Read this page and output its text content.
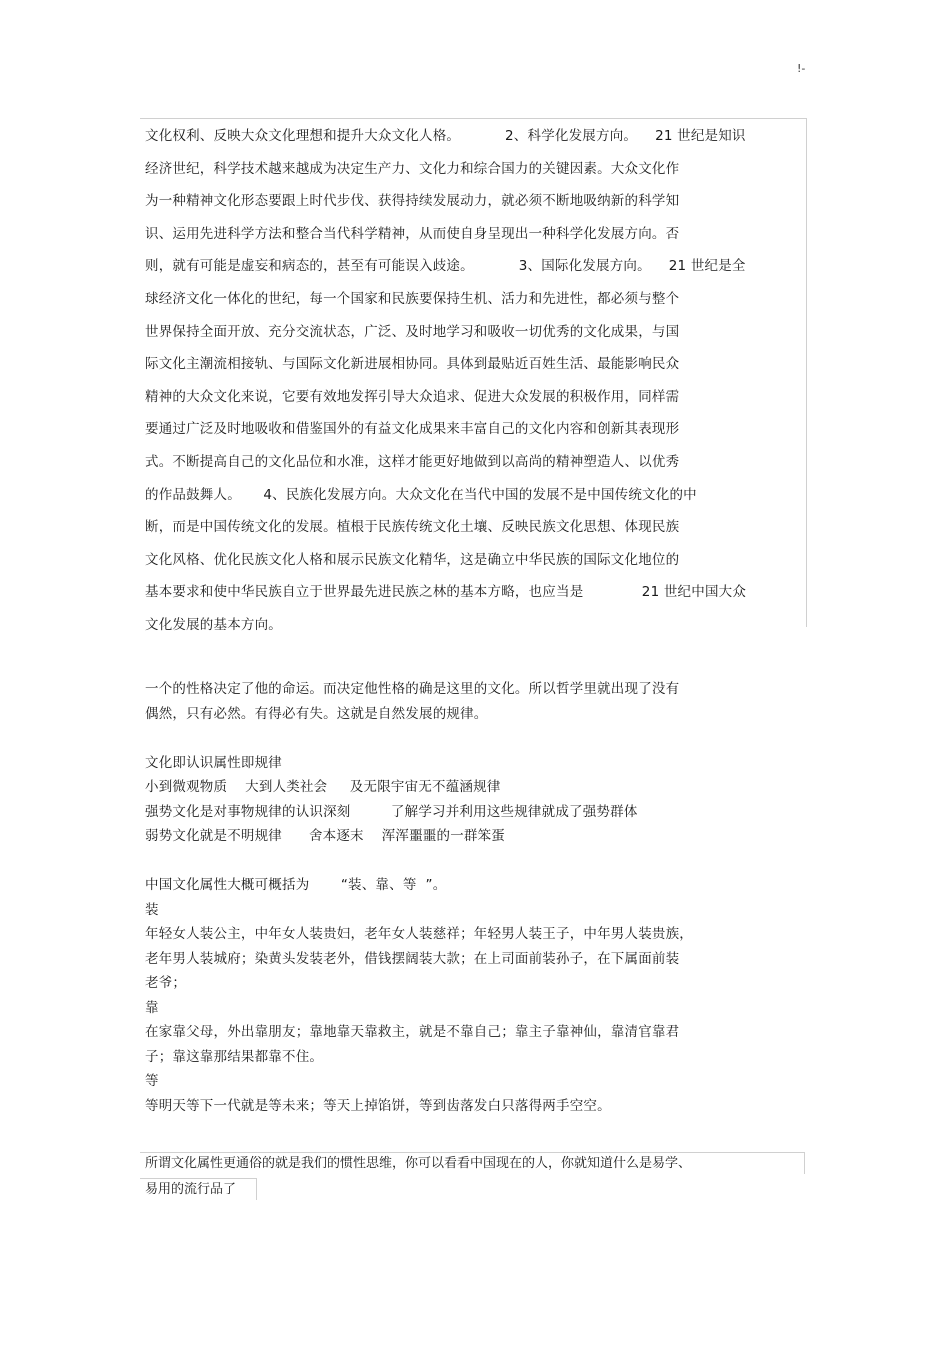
!-
文化权利、反映大众文化理想和提升大众文化人格。          2、科学化发展方向。    21 世纪是知识
经济世纪，科学技术越来越成为决定生产力、文化力和综合国力的关键因素。大众文化作
为一种精神文化形态要跟上时代步伐、获得持续发展动力，就必须不断地吸纳新的科学知
识、运用先进科学方法和整合当代科学精神，从而使自身呈现出一种科学化发展方向。否
则，就有可能是虚妄和病态的，甚至有可能误入歧途。          3、国际化发展方向。    21 世纪是全
球经济文化一体化的世纪，每一个国家和民族要保持生机、活力和先进性，都必须与整个
世界保持全面开放、充分交流状态，广泛、及时地学习和吸收一切优秀的文化成果，与国
际文化主潮流相接轨、与国际文化新进展相协同。具体到最贴近百姓生活、最能影响民众
精神的大众文化来说，它要有效地发挥引导大众追求、促进大众发展的积极作用，同样需
要通过广泛及时地吸收和借鉴国外的有益文化成果来丰富自己的文化内容和创新其表现形
式。不断提高自己的文化品位和水准，这样才能更好地做到以高尚的精神塑造人、以优秀
的作品鼓舞人。     4、民族化发展方向。大众文化在当代中国的发展不是中国传统文化的中
断，而是中国传统文化的发展。植根于民族传统文化土壤、反映民族文化思想、体现民族
文化风格、优化民族文化人格和展示民族文化精华，这是确立中华民族的国际文化地位的
基本要求和使中华民族自立于世界最先进民族之林的基本方略，也应当是             21 世纪中国大众
文化发展的基本方向。
一个的性格决定了他的命运。而决定他性格的确是这里的文化。所以哲学里就出现了没有
偶然，只有必然。有得必有失。这就是自然发展的规律。
文化即认识属性即规律
小到微观物质    大到人类社会     及无限宇宙无不蕴涵规律
强势文化是对事物规律的认识深刻         了解学习并利用这些规律就成了强势群体
弱势文化就是不明规律      舍本逐末    浑浑噩噩的一群笨蛋
中国文化属性大概可概括为       “装、靠、等  ”。
装
年轻女人装公主，中年女人装贵妇，老年女人装慈祥；年轻男人装王子，中年男人装贵族，
老年男人装城府；染黄头发装老外，借钱摆阔装大款；在上司面前装孙子，在下属面前装
老爷；
靠
在家靠父母，外出靠朋友；靠地靠天靠救主，就是不靠自己；靠主子靠神仙，靠清官靠君
子；靠这靠那结果都靠不住。
等
等明天等下一代就是等未来；等天上掉馅饼，等到齿落发白只落得两手空空。
所谓文化属性更通俗的就是我们的惯性思维，你可以看看中国现在的人，你就知道什么是易学、
易用的流行品了
